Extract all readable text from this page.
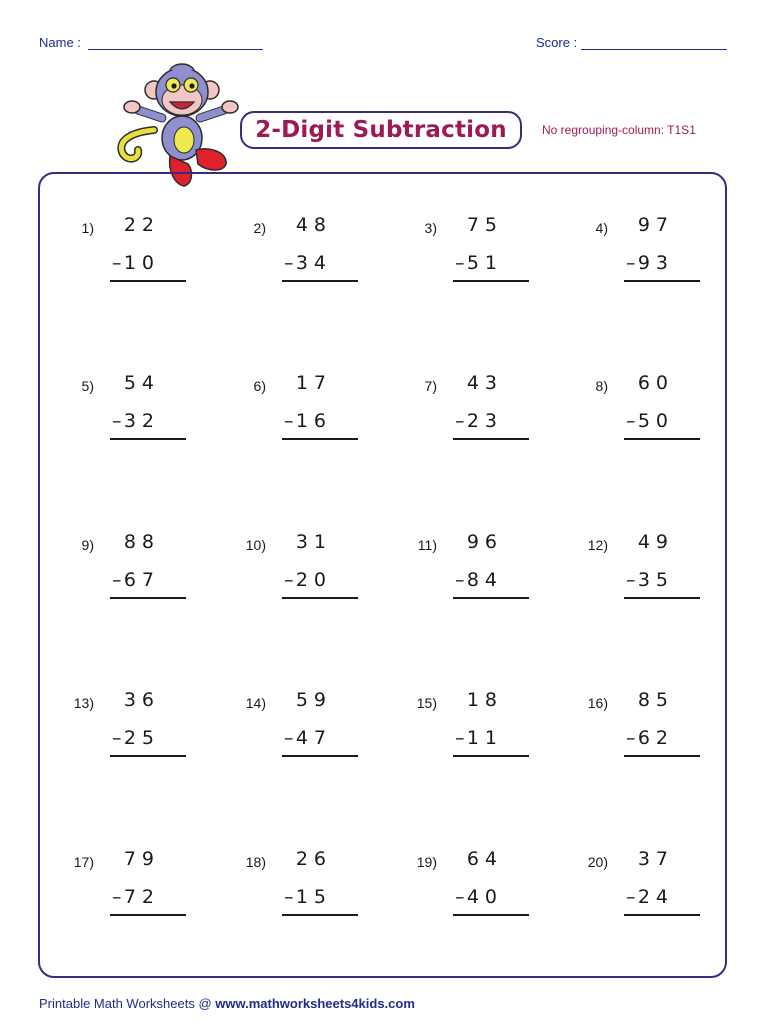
Name :	Score :
2-Digit Subtraction	No regrouping-column: T1S1
1) 22
– 10
2) 48
– 34
3) 75
– 51
4) 97
– 93
5) 54
– 32
6) 17
– 16
7) 43
– 23
8) 60
– 50
9) 88
– 67
10) 31
– 20
11) 96
– 84
12) 49
– 35
13) 36
– 25
14) 59
– 47
15) 18
– 11
16) 85
– 62
17) 79
– 72
18) 26
– 15
19) 64
– 40
20) 37
– 24
Printable Math Worksheets @ www.mathworksheets4kids.com
